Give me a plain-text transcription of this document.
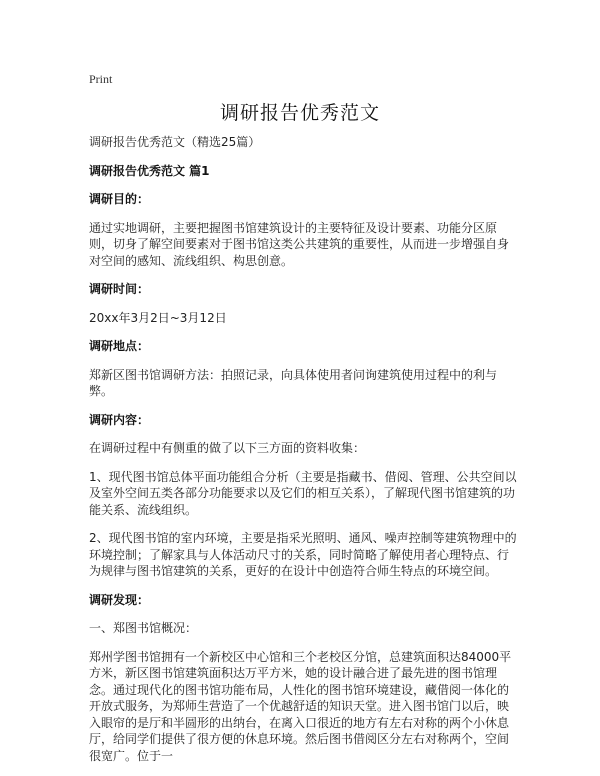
Print
调研报告优秀范文

调研报告优秀范文（精选25篇）

调研报告优秀范文 篇1
调研目的：

通过实地调研，主要把握图书馆建筑设计的主要特征及设计要素、功能分区原则，切身了解空间要素对于图书馆这类公共建筑的重要性，从而进一步增强自身对空间的感知、流线组织、构思创意。

调研时间：

20xx年3月2日~3月12日

调研地点：

郑新区图书馆调研方法：拍照记录，向具体使用者问询建筑使用过程中的利与弊。

调研内容：

在调研过程中有侧重的做了以下三方面的资料收集：

1、现代图书馆总体平面功能组合分析（主要是指藏书、借阅、管理、公共空间以及室外空间五类各部分功能要求以及它们的相互关系），了解现代图书馆建筑的功能关系、流线组织。

2、现代图书馆的室内环境，主要是指采光照明、通风、噪声控制等建筑物理中的环境控制；了解家具与人体活动尺寸的关系，同时简略了解使用者心理特点、行为规律与图书馆建筑的关系，更好的在设计中创造符合师生特点的环境空间。

调研发现：

一、郑图书馆概况：

郑州学图书馆拥有一个新校区中心馆和三个老校区分馆，总建筑面积达84000平方米，新区图书馆建筑面积达万平方米，她的设计融合进了最先进的图书馆理念。通过现代化的图书馆功能布局，人性化的图书馆环境建设，藏借阅一体化的开放式服务，为郑师生营造了一个优越舒适的知识天堂。进入图书馆门以后，映入眼帘的是厅和半圆形的出纳台，在离入口很近的地方有左右对称的两个小休息厅，给同学们提供了很方便的休息环境。然后图书借阅区分左右对称两个，空间很宽广。位于一
